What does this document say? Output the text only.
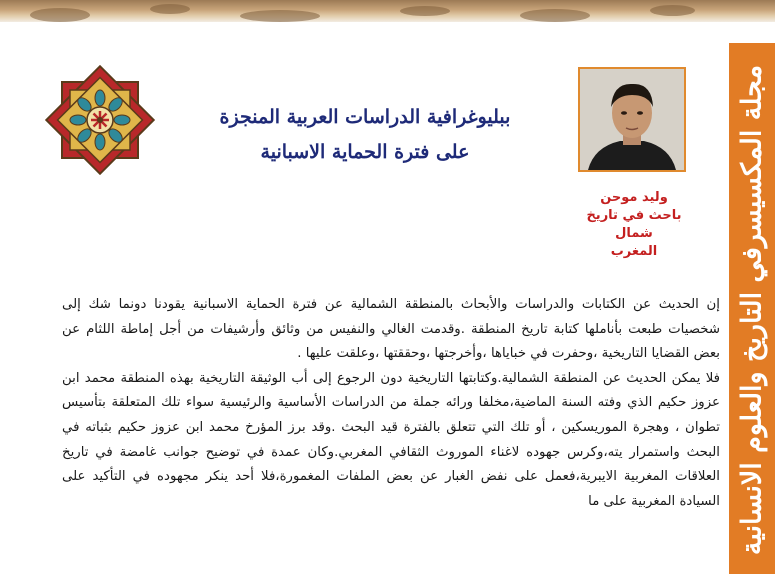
مجلة المكسيسرفي التاريخ والعلوم الانسانية
ببليوغرافية الدراسات العربية المنجزة
على فترة الحماية الاسبانية
وليد موحن
باحث في تاريخ شمال
المغرب

إن الحديث عن الكتابات والدراسات والأبحاث بالمنطقة الشمالية عن فترة الحماية الاسبانية يقودنا دونما شك إلى شخصيات طبعت بأناملها كتابة تاريخ المنطقة .وقدمت الغالي والنفيس من وثائق وأرشيفات من أجل إماطة اللثام عن بعض القضايا التاريخية ،وحفرت في خباياها ،وأخرجتها ،وحققتها ،وعلقت عليها .

فلا يمكن الحديث عن المنطقة الشمالية.وكتابتها التاريخية دون الرجوع إلى أب الوثيقة التاريخية بهذه المنطقة محمد ابن عزوز حكيم الذي وفته السنة الماضية،مخلفا ورائه جملة من الدراسات الأساسية والرئيسية سواء تلك المتعلقة بتأسيس تطوان ، وهجرة الموريسكين ، أو تلك التي تتعلق بالفترة قيد البحث .وقد برز المؤرخ محمد ابن عزوز حكيم بثباته في البحث واستمرار يته،وكرس جهوده لاغناء الموروث الثقافي المغربي.وكان عمدة في توضيح جوانب غامضة في تاريخ العلاقات المغربية الايبرية،فعمل على نفض الغبار عن بعض الملفات المغمورة،فلا أحد ينكر مجهوده في التأكيد على السيادة المغربية على ما
